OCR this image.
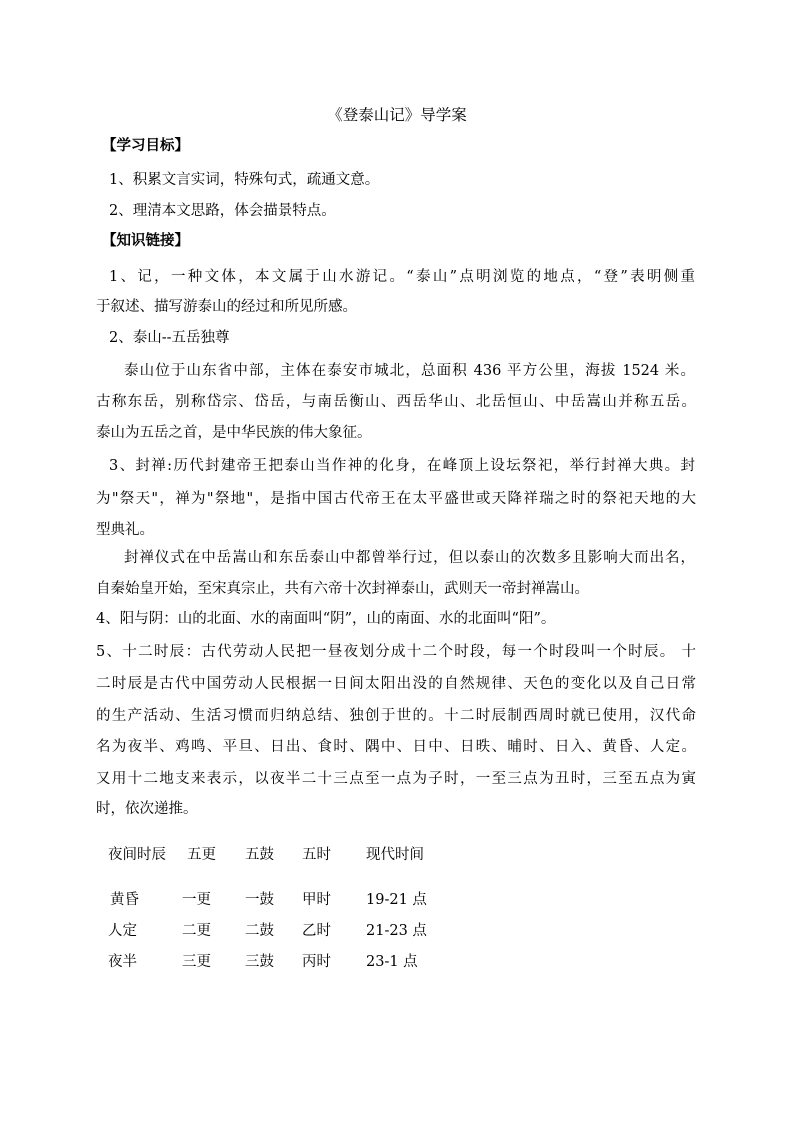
《登泰山记》导学案
【学习目标】
1、积累文言实词，特殊句式，疏通文意。
2、理清本文思路，体会描景特点。
【知识链接】
1、记，一种文体，本文属于山水游记。“泰山”点明浏览的地点，“登”表明侧重
于叙述、描写游泰山的经过和所见所感。
2、泰山--五岳独尊
泰山位于山东省中部，主体在泰安市城北，总面积 436 平方公里，海拔 1524 米。
古称东岳，别称岱宗、岱岳，与南岳衡山、西岳华山、北岳恒山、中岳嵩山并称五岳。
泰山为五岳之首，是中华民族的伟大象征。
3、封禅:历代封建帝王把泰山当作神的化身，在峰顶上设坛祭祀，举行封禅大典。封
为"祭天"，禅为"祭地"，是指中国古代帝王在太平盛世或天降祥瑞之时的祭祀天地的大
型典礼。
封禅仪式在中岳嵩山和东岳泰山中都曾举行过，但以泰山的次数多且影响大而出名，
自秦始皇开始，至宋真宗止，共有六帝十次封禅泰山，武则天一帝封禅嵩山。
4、阳与阴：山的北面、水的南面叫“阴”，山的南面、水的北面叫“阳”。
5、十二时辰：古代劳动人民把一昼夜划分成十二个时段，每一个时段叫一个时辰。 十
二时辰是古代中国劳动人民根据一日间太阳出没的自然规律、天色的变化以及自己日常
的生产活动、生活习惯而归纳总结、独创于世的。十二时辰制西周时就已使用，汉代命
名为夜半、鸡鸣、平旦、日出、食时、隅中、日中、日昳、晡时、日入、黄昏、人定。
又用十二地支来表示，以夜半二十三点至一点为子时，一至三点为丑时，三至五点为寅
时，依次递推。
夜间时辰 五更 五鼓 五时 现代时间
黄昏	一更 一鼓 甲时 19-21 点
人定	二更 二鼓 乙时 21-23 点
夜半	三更 三鼓 丙时 23-1 点
